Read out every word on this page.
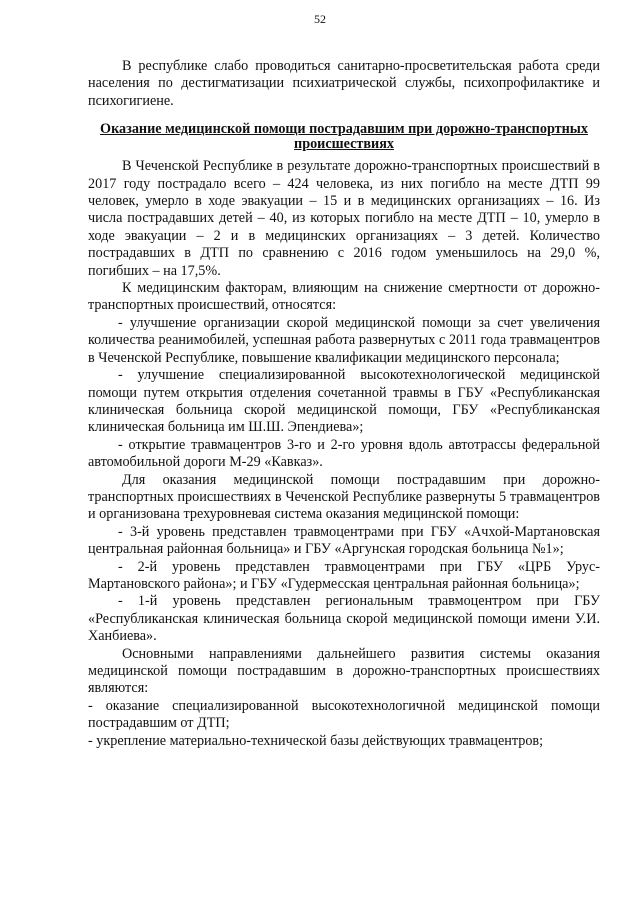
52

В республике слабо проводиться санитарно-просветительская работа среди населения по дестигматизации психиатрической службы, психопрофилактике и психогигиене.

Оказание медицинской помощи пострадавшим при дорожно-транспортных происшествиях

В Чеченской Республике в результате дорожно-транспортных происшествий в 2017 году пострадало всего – 424 человека, из них погибло на месте ДТП 99 человек, умерло в ходе эвакуации – 15 и в медицинских организациях – 16. Из числа пострадавших детей – 40, из которых погибло на месте ДТП – 10, умерло в ходе эвакуации – 2 и в медицинских организациях – 3 детей. Количество пострадавших в ДТП по сравнению с 2016 годом уменьшилось на 29,0 %, погибших – на 17,5%.

К медицинским факторам, влияющим на снижение смертности от дорожно-транспортных происшествий, относятся:

- улучшение организации скорой медицинской помощи за счет увеличения количества реанимобилей, успешная работа развернутых с 2011 года травмацентров в Чеченской Республике, повышение квалификации медицинского персонала;

- улучшение специализированной высокотехнологической медицинской помощи путем открытия отделения сочетанной травмы в ГБУ «Республиканская клиническая больница скорой медицинской помощи, ГБУ «Республиканская клиническая больница им Ш.Ш. Эпендиева»;

- открытие травмацентров 3-го и 2-го уровня вдоль автотрассы федеральной автомобильной дороги М-29 «Кавказ».

Для оказания медицинской помощи пострадавшим при дорожно-транспортных происшествиях в Чеченской Республике развернуты 5 травмацентров и организована трехуровневая система оказания медицинской помощи:

- 3-й уровень представлен травмоцентрами при ГБУ «Ачхой-Мартановская центральная районная больница» и ГБУ «Аргунская городская больница №1»;

- 2-й уровень представлен травмоцентрами при ГБУ «ЦРБ Урус-Мартановского района»; и ГБУ «Гудермесская центральная районная больница»;

- 1-й уровень представлен региональным травмоцентром при ГБУ «Республиканская клиническая больница скорой медицинской помощи имени У.И. Ханбиева».

Основными направлениями дальнейшего развития системы оказания медицинской помощи пострадавшим в дорожно-транспортных происшествиях являются:

- оказание специализированной высокотехнологичной медицинской помощи пострадавшим от ДТП;

- укрепление материально-технической базы действующих травмацентров;
